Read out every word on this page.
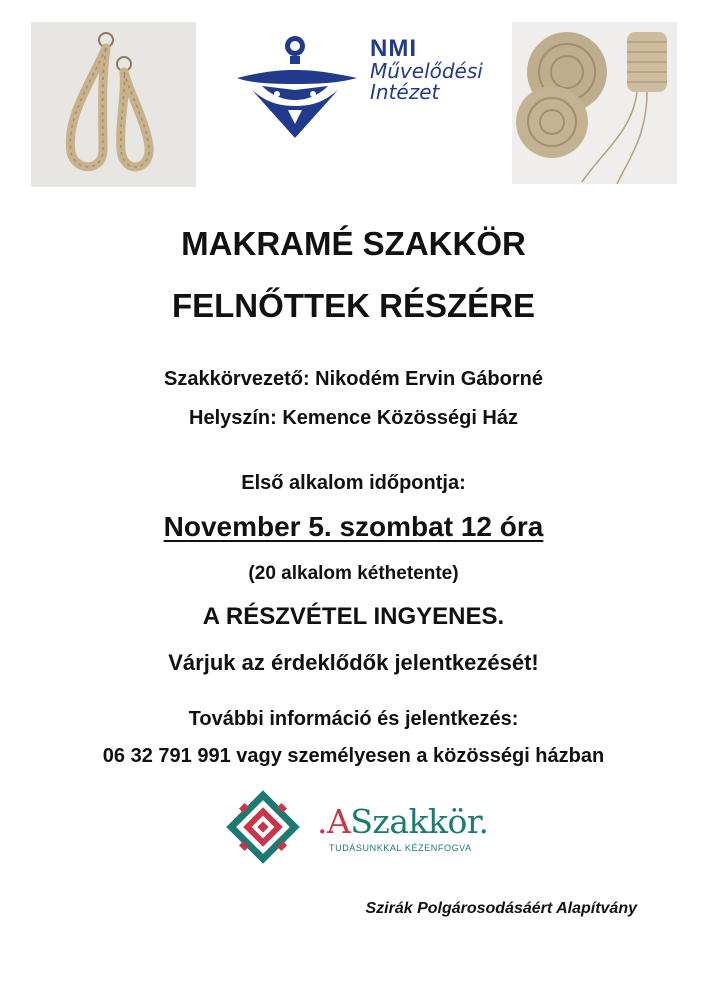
NMI
Művelődési
Intézet
MAKRAMÉ SZAKKÖR
FELNŐTTEK RÉSZÉRE
Szakkörvezető: Nikodém Ervin Gáborné
Helyszín: Kemence Közösségi Ház
Első alkalom időpontja:
November 5. szombat 12 óra
(20 alkalom kéthetente)
A RÉSZVÉTEL INGYENES.
Várjuk az érdeklődők jelentkezését!
További információ és jelentkezés:
06 32 791 991 vagy személyesen a közösségi házban
.ASzakkör.
TUDÁSUNKKAL KÉZENFOGVA
Szirák Polgárosodásáért Alapítvány
